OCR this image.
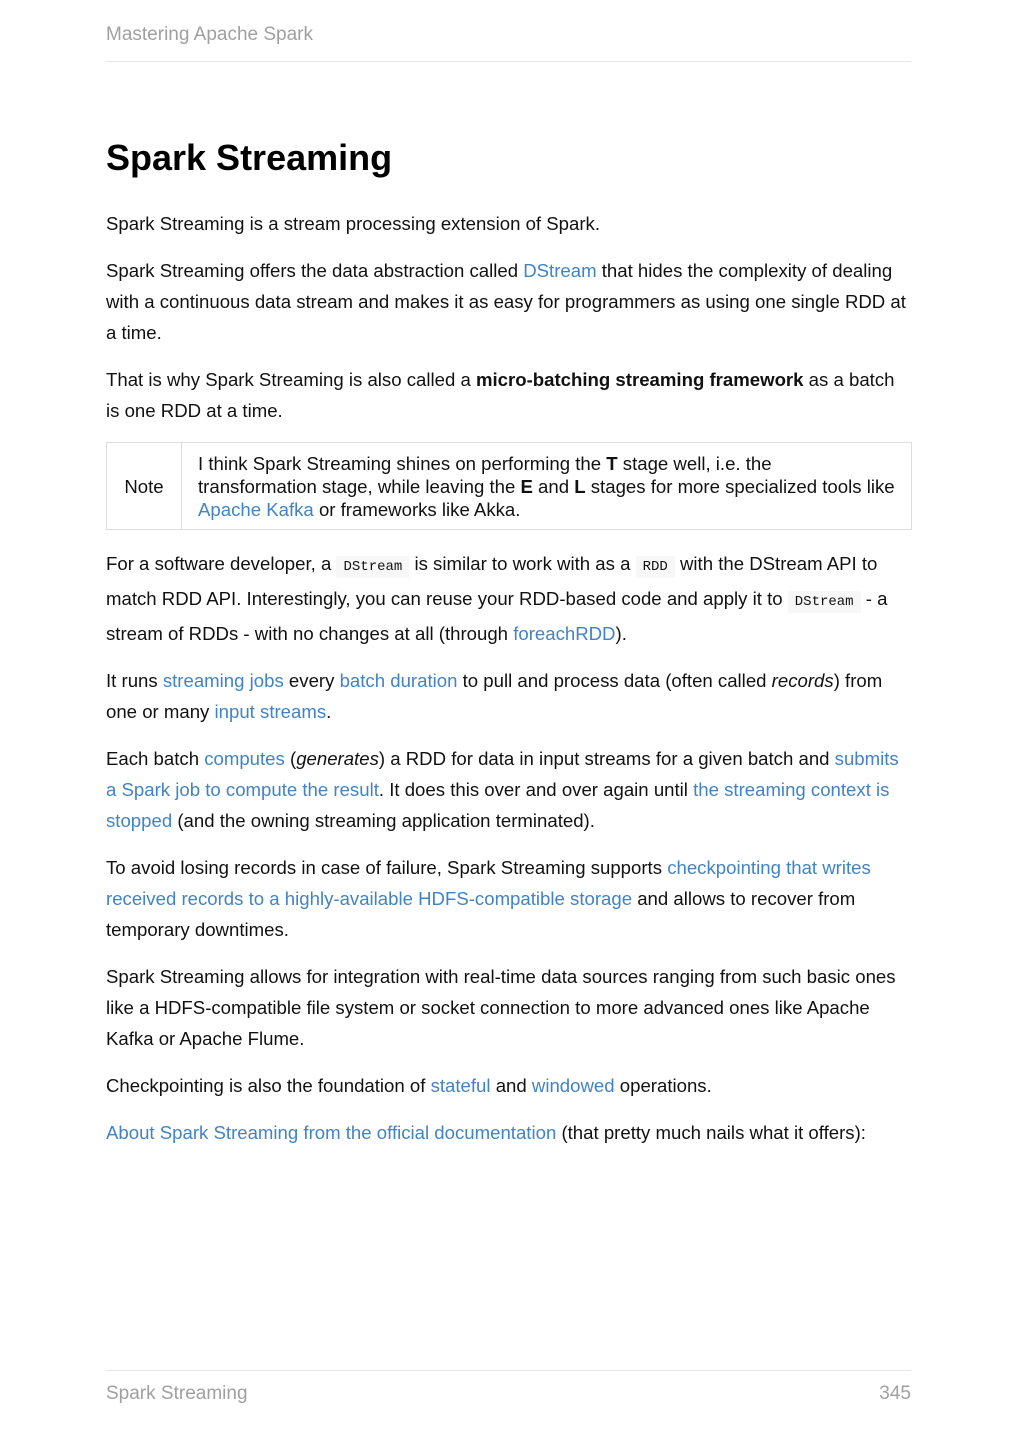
Mastering Apache Spark
Spark Streaming

Spark Streaming is a stream processing extension of Spark.

Spark Streaming offers the data abstraction called DStream that hides the complexity of dealing with a continuous data stream and makes it as easy for programmers as using one single RDD at a time.

That is why Spark Streaming is also called a micro-batching streaming framework as a batch is one RDD at a time.

Note
I think Spark Streaming shines on performing the T stage well, i.e. the transformation stage, while leaving the E and L stages for more specialized tools like Apache Kafka or frameworks like Akka.

For a software developer, a DStream is similar to work with as a RDD with the DStream API to match RDD API. Interestingly, you can reuse your RDD-based code and apply it to DStream - a stream of RDDs - with no changes at all (through foreachRDD).

It runs streaming jobs every batch duration to pull and process data (often called records) from one or many input streams.

Each batch computes (generates) a RDD for data in input streams for a given batch and submits a Spark job to compute the result. It does this over and over again until the streaming context is stopped (and the owning streaming application terminated).

To avoid losing records in case of failure, Spark Streaming supports checkpointing that writes received records to a highly-available HDFS-compatible storage and allows to recover from temporary downtimes.

Spark Streaming allows for integration with real-time data sources ranging from such basic ones like a HDFS-compatible file system or socket connection to more advanced ones like Apache Kafka or Apache Flume.

Checkpointing is also the foundation of stateful and windowed operations.

About Spark Streaming from the official documentation (that pretty much nails what it offers):

Spark Streaming	345
